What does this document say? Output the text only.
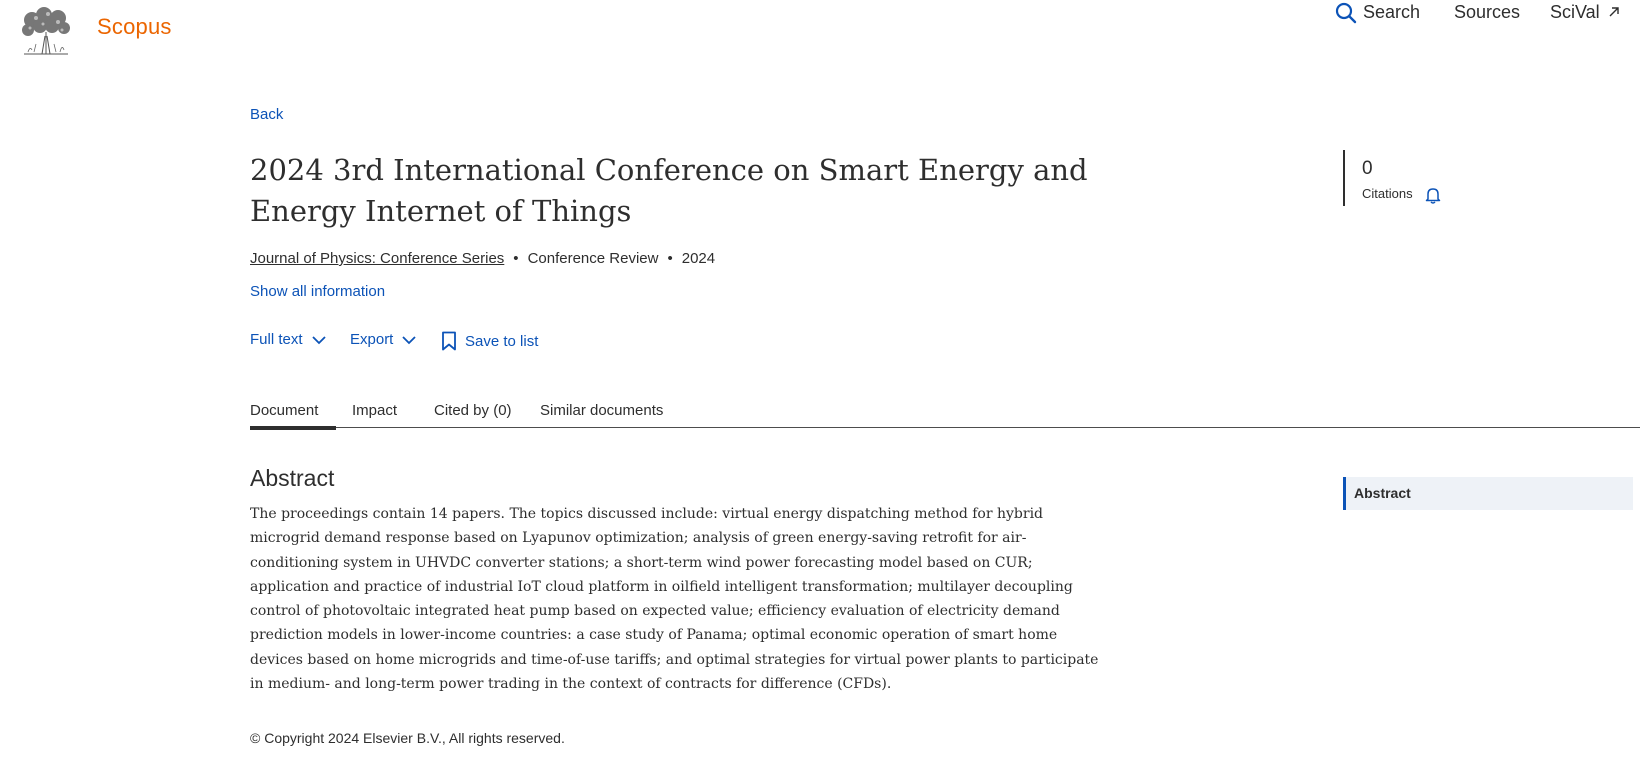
Scopus
Search Sources SciVal
Back
2024 3rd International Conference on Smart Energy and Energy Internet of Things
Journal of Physics: Conference Series • Conference Review • 2024
Show all information
Full text	Export	Save to list
0
Citations
Document	Impact Cited by (0) Similar documents
Abstract

The proceedings contain 14 papers. The topics discussed include: virtual energy dispatching method for hybrid microgrid demand response based on Lyapunov optimization; analysis of green energy-saving retrofit for air-conditioning system in UHVDC converter stations; a short-term wind power forecasting model based on CUR; application and practice of industrial IoT cloud platform in oilfield intelligent transformation; multilayer decoupling control of photovoltaic integrated heat pump based on expected value; efficiency evaluation of electricity demand prediction models in lower-income countries: a case study of Panama; optimal economic operation of smart home devices based on home microgrids and time-of-use tariffs; and optimal strategies for virtual power plants to participate in medium- and long-term power trading in the context of contracts for difference (CFDs).

Abstract
© Copyright 2024 Elsevier B.V., All rights reserved.
